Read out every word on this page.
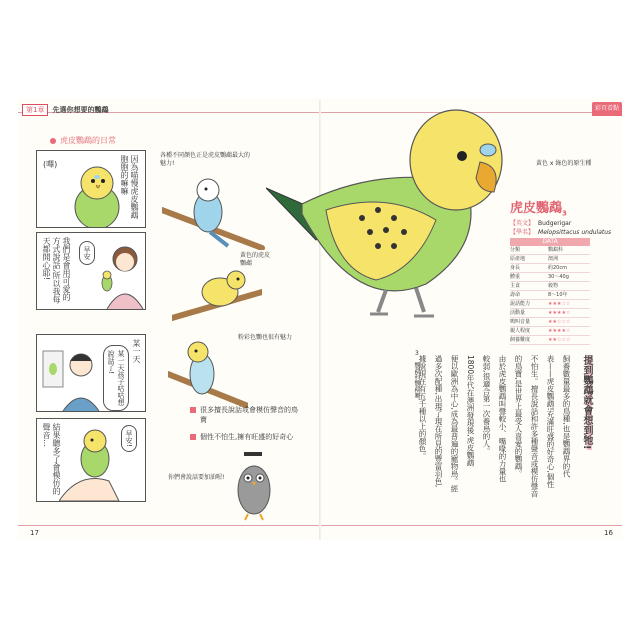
第1章	先選你想要的鸚鵡	彩頁看點
虎皮鸚鵡的日常
(嗶)	因為喵慢虎皮鸚鵡胞胞的嘛嘛
我們是會用可愛的方式說話,所以我每天都開心耶!	早安
某一天孩子咕咕想說話了!	某一天
結果聽多了會模仿的聲音…	早安!
各種不同顏色正是虎皮鸚鵡最大的魅力!
黃色的虎皮鸚鵡
粉彩色鸚也很有魅力
很多擅長說話或會模仿聲音的鳥寶
個性不怕生,擁有旺盛的好奇心
你們會說話要加油喔!
17
黃色 x 綠色的原生種
虎皮鸚鵡$_3$
【英文】 Budgerigar
【學名】 Melopsittacus undulatus
DATA
分類	鸚鵡科
原產地	澳洲
身長	約20cm
體重	30〜40g
主食	穀物
壽命	8〜10年
說話能力	★★★☆☆
活動量	★★★★☆
鳴叫音量	★★☆☆☆
親人程度	★★★★☆
飼養難度	★★☆☆☆
3
鸚鵡科鸚鵡屬。	提到鸚鵡就會想到牠!
飼養數量最多的鳥種,也是鸚鵡界的代
表——虎皮鸚鵡!充滿旺盛的好奇心,個性
不怕生。擅長說話和許多種聲音或模仿聲音
的鳥寶,是世界上最受人喜愛的鸚鵡。
由於虎皮鸚鵡叫聲較小、嘴喙的力量也
較弱,很適合第一次養鳥的人。
1800年代在澳洲發現後,虎皮鸚鵡
便以歐洲為中心,成為最普遍的寵物鳥。經
過多次配種,出現了現在所見的豐富羽色,
據說現在有五千種以上的顏色。
16
